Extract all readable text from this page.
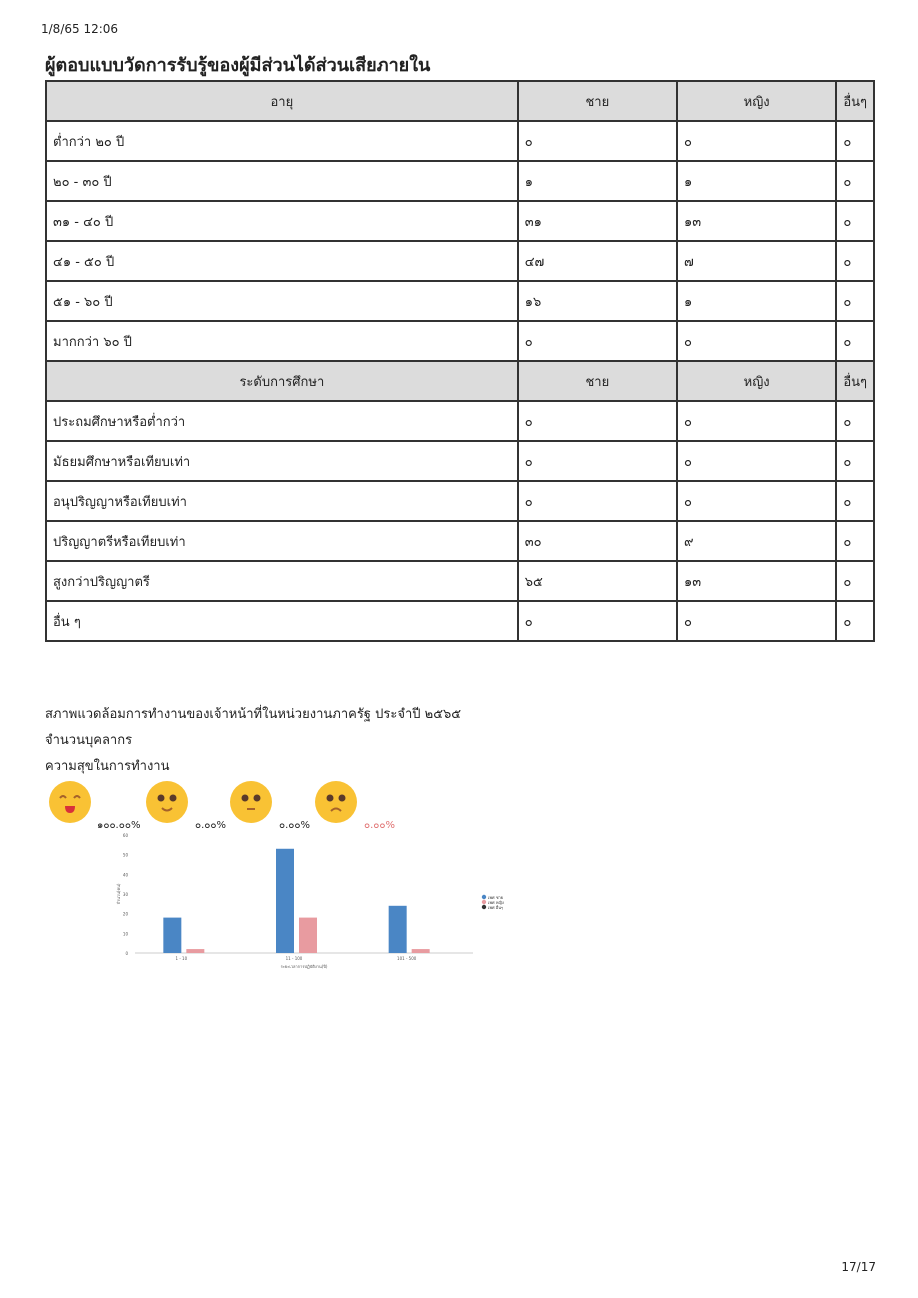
1/8/65 12:06
ผู้ตอบแบบวัดการรับรู้ของผู้มีส่วนได้ส่วนเสียภายใน
อายุ	ชาย	หญิง	อื่นๆ
ต่ำกว่า ๒๐ ปี	๐	๐	๐
๒๐ - ๓๐ ปี	๑	๑	๐
๓๑ - ๔๐ ปี	๓๑	๑๓	๐
๔๑ - ๕๐ ปี	๔๗	๗	๐
๕๑ - ๖๐ ปี	๑๖	๑	๐
มากกว่า ๖๐ ปี	๐	๐	๐
ระดับการศึกษา	ชาย	หญิง	อื่นๆ
ประถมศึกษาหรือต่ำกว่า	๐	๐	๐
มัธยมศึกษาหรือเทียบเท่า	๐	๐	๐
อนุปริญญาหรือเทียบเท่า	๐	๐	๐
ปริญญาตรีหรือเทียบเท่า	๓๐	๙	๐
สูงกว่าปริญญาตรี	๖๕	๑๓	๐
อื่น ๆ	๐	๐	๐
สภาพแวดล้อมการทำงานของเจ้าหน้าที่ในหน่วยงานภาครัฐ ประจำปี ๒๕๖๕
จำนวนบุคลากร
ความสุขในการทำงาน
๑๐๐.๐๐%	๐.๐๐%	๐.๐๐%	๐.๐๐%
0
10
20
30
40
50
60
1 - 10	11 - 100	101 - 500
ระยะเวลาการปฏิบัติงาน(ปี)
จำนวน(คน)	เพศ ชาย
เพศ หญิง
เพศ อื่นๆ
17/17
